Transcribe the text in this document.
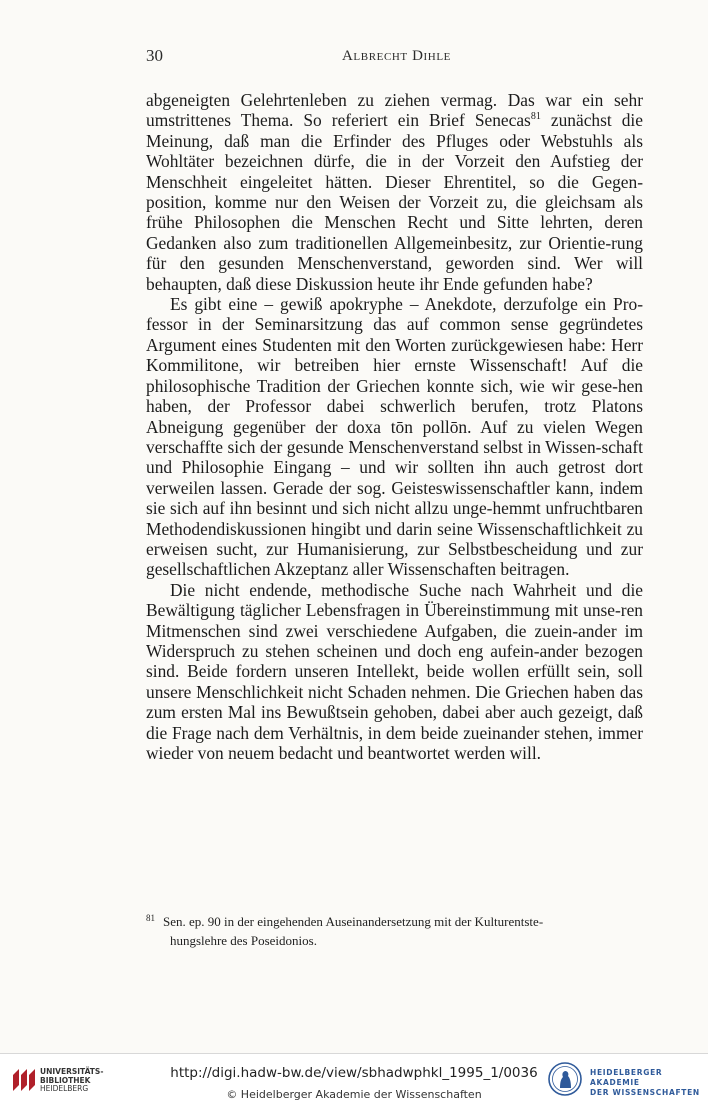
30	Albrecht Dihle

abgeneigten Gelehrtenleben zu ziehen vermag. Das war ein sehr umstrittenes Thema. So referiert ein Brief Senecas$^{81}$ zunächst die Meinung, daß man die Erfinder des Pfluges oder Webstuhls als Wohltäter bezeichnen dürfe, die in der Vorzeit den Aufstieg der Menschheit eingeleitet hätten. Dieser Ehrentitel, so die Gegen-position, komme nur den Weisen der Vorzeit zu, die gleichsam als frühe Philosophen die Menschen Recht und Sitte lehrten, deren Gedanken also zum traditionellen Allgemeinbesitz, zur Orientie-rung für den gesunden Menschenverstand, geworden sind. Wer will behaupten, daß diese Diskussion heute ihr Ende gefunden habe?

Es gibt eine – gewiß apokryphe – Anekdote, derzufolge ein Pro-fessor in der Seminarsitzung das auf common sense gegründetes Argument eines Studenten mit den Worten zurückgewiesen habe: Herr Kommilitone, wir betreiben hier ernste Wissenschaft! Auf die philosophische Tradition der Griechen konnte sich, wie wir gese-hen haben, der Professor dabei schwerlich berufen, trotz Platons Abneigung gegenüber der doxa tōn pollōn. Auf zu vielen Wegen verschaffte sich der gesunde Menschenverstand selbst in Wissen-schaft und Philosophie Eingang – und wir sollten ihn auch getrost dort verweilen lassen. Gerade der sog. Geisteswissenschaftler kann, indem sie sich auf ihn besinnt und sich nicht allzu unge-hemmt unfruchtbaren Methodendiskussionen hingibt und darin seine Wissenschaftlichkeit zu erweisen sucht, zur Humanisierung, zur Selbstbescheidung und zur gesellschaftlichen Akzeptanz aller Wissenschaften beitragen.

Die nicht endende, methodische Suche nach Wahrheit und die Bewältigung täglicher Lebensfragen in Übereinstimmung mit unse-ren Mitmenschen sind zwei verschiedene Aufgaben, die zuein-ander im Widerspruch zu stehen scheinen und doch eng aufein-ander bezogen sind. Beide fordern unseren Intellekt, beide wollen erfüllt sein, soll unsere Menschlichkeit nicht Schaden nehmen. Die Griechen haben das zum ersten Mal ins Bewußtsein gehoben, dabei aber auch gezeigt, daß die Frage nach dem Verhältnis, in dem beide zueinander stehen, immer wieder von neuem bedacht und beantwortet werden will.

$^{81}$ Sen. ep. 90 in der eingehenden Auseinandersetzung mit der Kulturentste-
hungslehre des Poseidonios.
UNIVERSITÄTS-
BIBLIOTHEK
HEIDELBERG
http://digi.hadw-bw.de/view/sbhadwphkl_1995_1/0036
© Heidelberger Akademie der Wissenschaften
HEIDELBERGER AKADEMIE
DER WISSENSCHAFTEN
